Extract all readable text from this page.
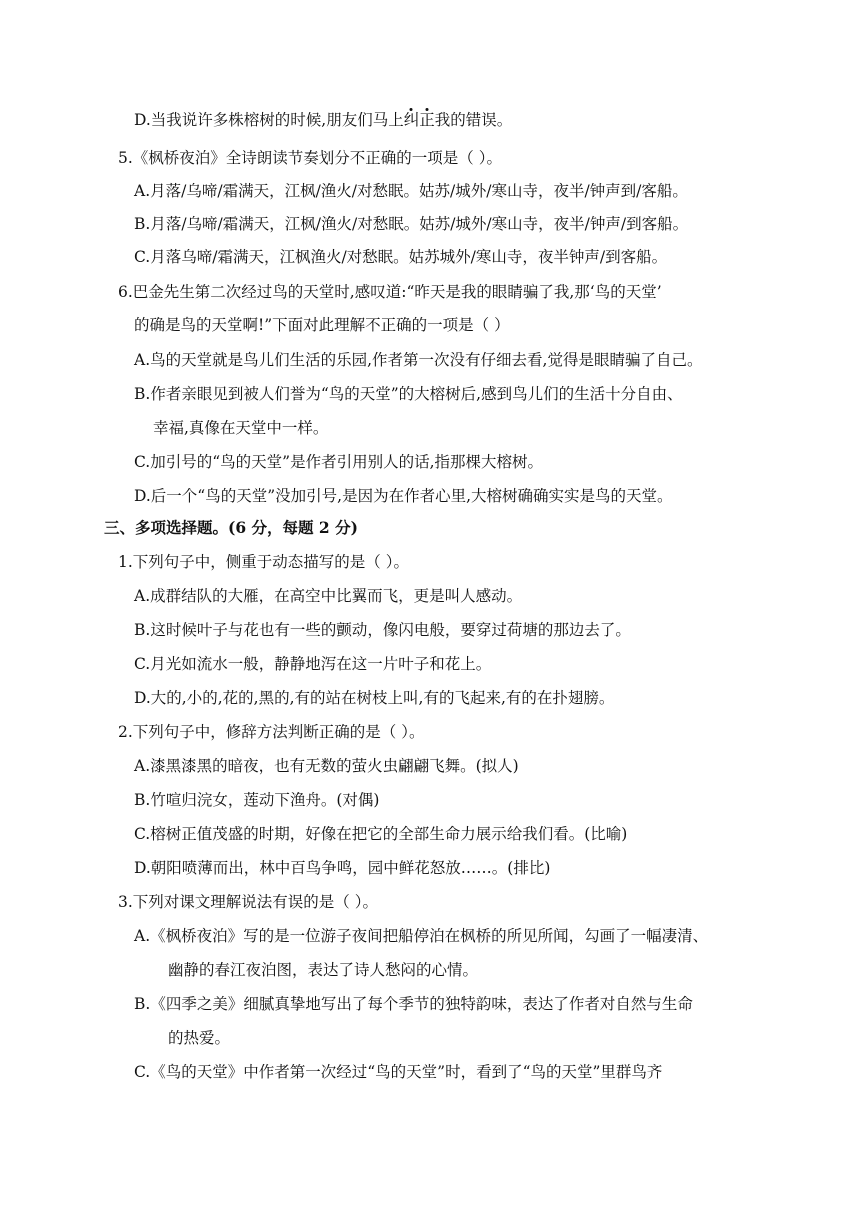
D.当我说许多株榕树的时候,朋友们马上纠正我的错误。
5.《枫桥夜泊》全诗朗读节奏划分不正确的一项是（ ）。
A.月落/乌啼/霜满天，江枫/渔火/对愁眠。姑苏/城外/寒山寺，夜半/钟声到/客船。
B.月落/乌啼/霜满天，江枫/渔火/对愁眠。姑苏/城外/寒山寺，夜半/钟声/到客船。
C.月落乌啼/霜满天，江枫渔火/对愁眠。姑苏城外/寒山寺，夜半钟声/到客船。
6.巴金先生第二次经过鸟的天堂时,感叹道:“昨天是我的眼睛骗了我,那‘鸟的天堂’
的确是鸟的天堂啊!”下面对此理解不正确的一项是（ ）
A.鸟的天堂就是鸟儿们生活的乐园,作者第一次没有仔细去看,觉得是眼睛骗了自己。
B.作者亲眼见到被人们誉为“鸟的天堂”的大榕树后,感到鸟儿们的生活十分自由、
幸福,真像在天堂中一样。
C.加引号的“鸟的天堂”是作者引用别人的话,指那棵大榕树。
D.后一个“鸟的天堂”没加引号,是因为在作者心里,大榕树确确实实是鸟的天堂。
三、多项选择题。(6 分，每题 2 分)
1.下列句子中，侧重于动态描写的是（ ）。
A.成群结队的大雁，在高空中比翼而飞，更是叫人感动。
B.这时候叶子与花也有一些的颤动，像闪电般，要穿过荷塘的那边去了。
C.月光如流水一般，静静地泻在这一片叶子和花上。
D.大的,小的,花的,黑的,有的站在树枝上叫,有的飞起来,有的在扑翅膀。
2.下列句子中，修辞方法判断正确的是（ ）。
A.漆黑漆黑的暗夜，也有无数的萤火虫翩翩飞舞。(拟人)
B.竹喧归浣女，莲动下渔舟。(对偶)
C.榕树正值茂盛的时期，好像在把它的全部生命力展示给我们看。(比喻)
D.朝阳喷薄而出，林中百鸟争鸣，园中鲜花怒放……。(排比)
3.下列对课文理解说法有误的是（ ）。
A.《枫桥夜泊》写的是一位游子夜间把船停泊在枫桥的所见所闻，勾画了一幅凄清、
幽静的春江夜泊图，表达了诗人愁闷的心情。
B.《四季之美》细腻真挚地写出了每个季节的独特韵味，表达了作者对自然与生命
的热爱。
C.《鸟的天堂》中作者第一次经过“鸟的天堂”时，看到了“鸟的天堂”里群鸟齐
